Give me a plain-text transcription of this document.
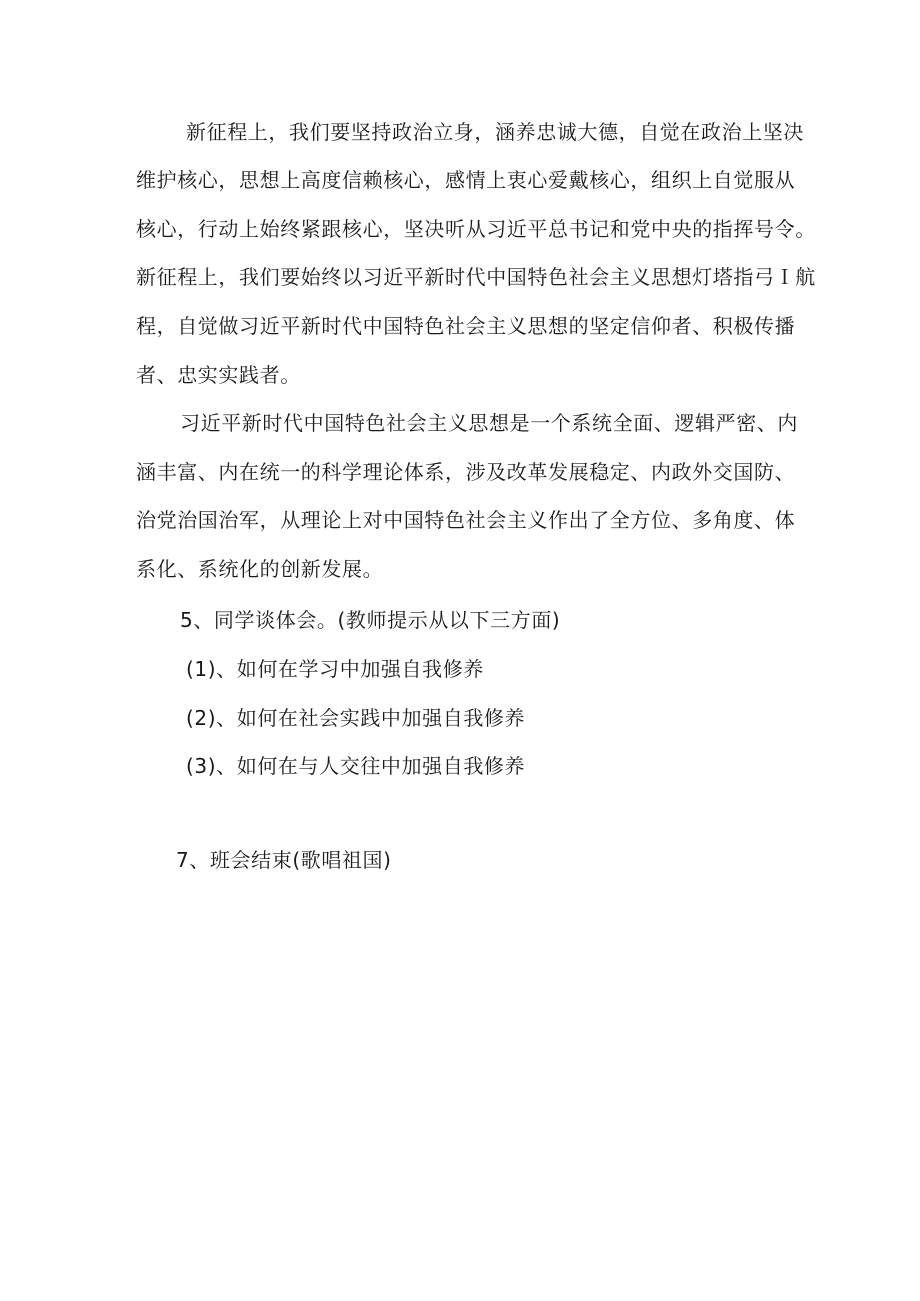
新征程上，我们要坚持政治立身，涵养忠诚大德，自觉在政治上坚决
维护核心，思想上高度信赖核心，感情上衷心爱戴核心，组织上自觉服从
核心，行动上始终紧跟核心，坚决听从习近平总书记和党中央的指挥号令。
新征程上，我们要始终以习近平新时代中国特色社会主义思想灯塔指弓Ｉ航
程，自觉做习近平新时代中国特色社会主义思想的坚定信仰者、积极传播
者、忠实实践者。
习近平新时代中国特色社会主义思想是一个系统全面、逻辑严密、内
涵丰富、内在统一的科学理论体系，涉及改革发展稳定、内政外交国防、
治党治国治军，从理论上对中国特色社会主义作出了全方位、多角度、体
系化、系统化的创新发展。
5、同学谈体会。(教师提示从以下三方面)
(1)、如何在学习中加强自我修养
(2)、如何在社会实践中加强自我修养
(3)、如何在与人交往中加强自我修养
7、班会结束(歌唱祖国)
